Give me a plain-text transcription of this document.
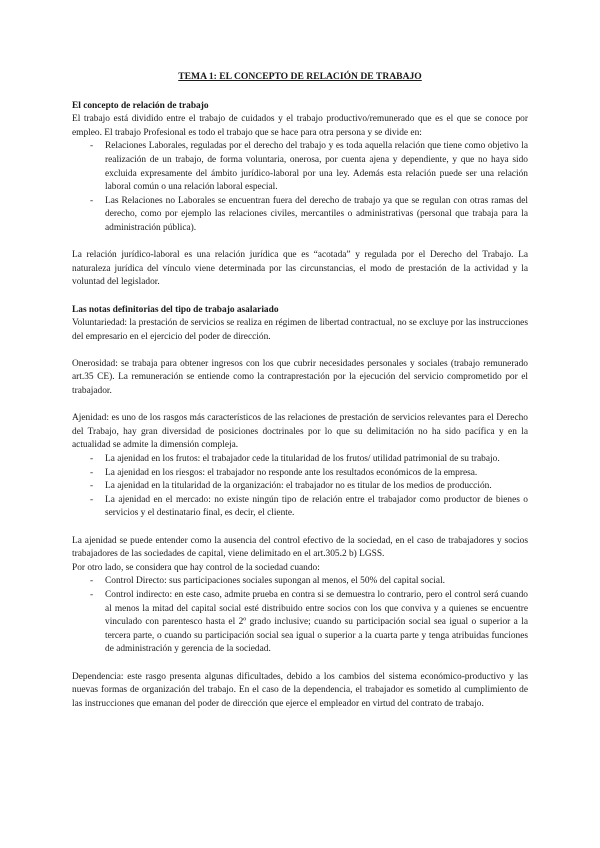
TEMA 1: EL CONCEPTO DE RELACIÓN DE TRABAJO
El concepto de relación de trabajo

El trabajo está dividido entre el trabajo de cuidados y el trabajo productivo/remunerado que es el que se conoce por empleo. El trabajo Profesional es todo el trabajo que se hace para otra persona y se divide en:

- Relaciones Laborales, reguladas por el derecho del trabajo y es toda aquella relación que tiene como objetivo la realización de un trabajo, de forma voluntaria, onerosa, por cuenta ajena y dependiente, y que no haya sido excluida expresamente del ámbito jurídico-laboral por una ley. Además esta relación puede ser una relación laboral común o una relación laboral especial.
- Las Relaciones no Laborales se encuentran fuera del derecho de trabajo ya que se regulan con otras ramas del derecho, como por ejemplo las relaciones civiles, mercantiles o administrativas (personal que trabaja para la administración pública).

La relación jurídico-laboral es una relación jurídica que es “acotada” y regulada por el Derecho del Trabajo. La naturaleza jurídica del vínculo viene determinada por las circunstancias, el modo de prestación de la actividad y la voluntad del legislador.

Las notas definitorias del tipo de trabajo asalariado

Voluntariedad: la prestación de servicios se realiza en régimen de libertad contractual, no se excluye por las instrucciones del empresario en el ejercicio del poder de dirección.

Onerosidad: se trabaja para obtener ingresos con los que cubrir necesidades personales y sociales (trabajo remunerado art.35 CE). La remuneración se entiende como la contraprestación por la ejecución del servicio comprometido por el trabajador.

Ajenidad: es uno de los rasgos más característicos de las relaciones de prestación de servicios relevantes para el Derecho del Trabajo, hay gran diversidad de posiciones doctrinales por lo que su delimitación no ha sido pacífica y en la actualidad se admite la dimensión compleja.

- La ajenidad en los frutos: el trabajador cede la titularidad de los frutos/ utilidad patrimonial de su trabajo.
- La ajenidad en los riesgos: el trabajador no responde ante los resultados económicos de la empresa.
- La ajenidad en la titularidad de la organización: el trabajador no es titular de los medios de producción.
- La ajenidad en el mercado: no existe ningún tipo de relación entre el trabajador como productor de bienes o servicios y el destinatario final, es decir, el cliente.

La ajenidad se puede entender como la ausencia del control efectivo de la sociedad, en el caso de trabajadores y socios trabajadores de las sociedades de capital, viene delimitado en el art.305.2 b) LGSS.

Por otro lado, se considera que hay control de la sociedad cuando:

- Control Directo: sus participaciones sociales supongan al menos, el 50% del capital social.
- Control indirecto: en este caso, admite prueba en contra si se demuestra lo contrario, pero el control será cuando al menos la mitad del capital social esté distribuido entre socios con los que conviva y a quienes se encuentre vinculado con parentesco hasta el 2º grado inclusive; cuando su participación social sea igual o superior a la tercera parte, o cuando su participación social sea igual o superior a la cuarta parte y tenga atribuidas funciones de administración y gerencia de la sociedad.

Dependencia: este rasgo presenta algunas dificultades, debido a los cambios del sistema económico-productivo y las nuevas formas de organización del trabajo. En el caso de la dependencia, el trabajador es sometido al cumplimiento de las instrucciones que emanan del poder de dirección que ejerce el empleador en virtud del contrato de trabajo.
